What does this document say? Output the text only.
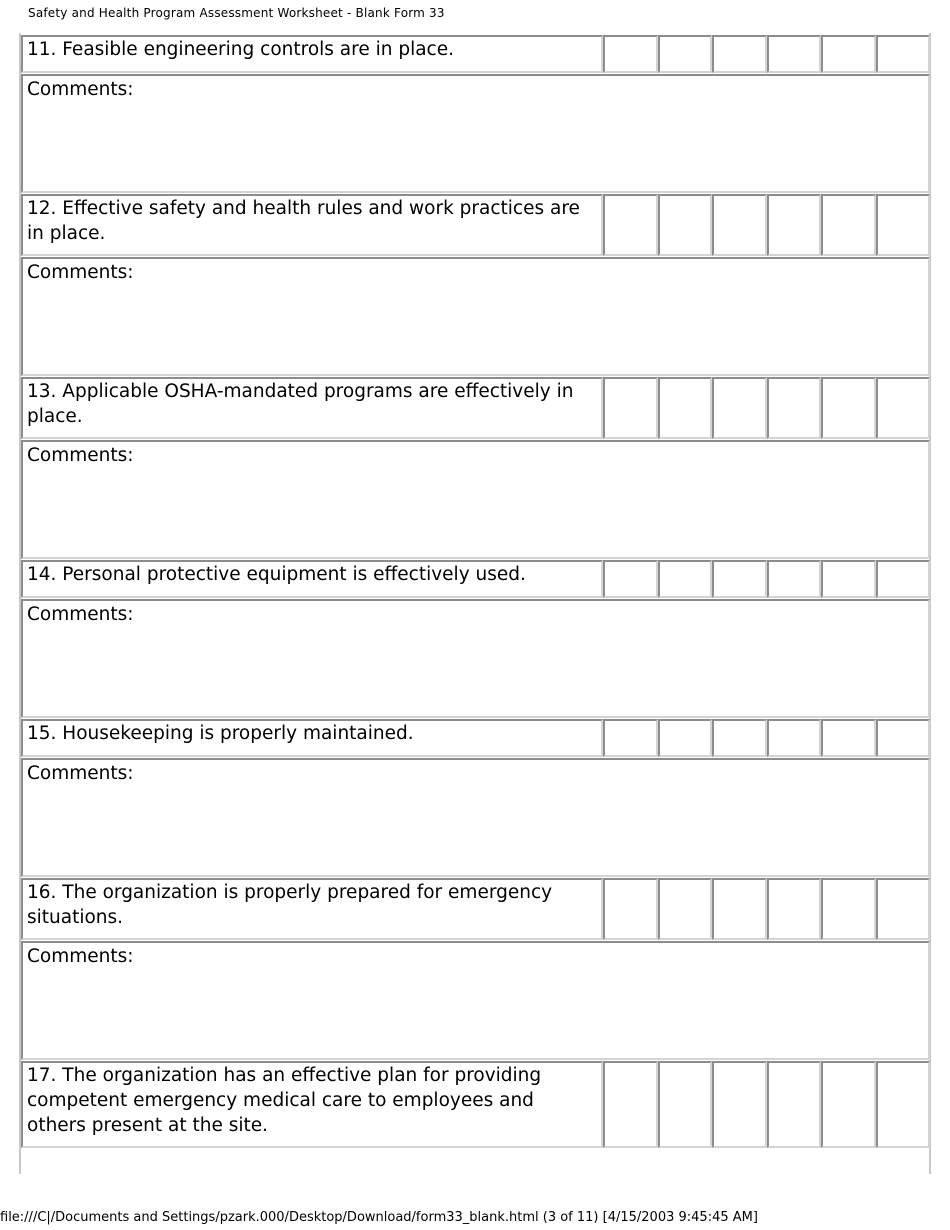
Safety and Health Program Assessment Worksheet - Blank Form 33
11. Feasible engineering controls are in place.						
Comments:						
12. Effective safety and health rules and work practices are in place.						
Comments:						
13. Applicable OSHA-mandated programs are effectively in place.						
Comments:						
14. Personal protective equipment is effectively used.						
Comments:						
15. Housekeeping is properly maintained.						
Comments:						
16. The organization is properly prepared for emergency situations.						
Comments:						
17. The organization has an effective plan for providing competent emergency medical care to employees and others present at the site.						
file:///C|/Documents and Settings/pzark.000/Desktop/Download/form33_blank.html (3 of 11) [4/15/2003 9:45:45 AM]
